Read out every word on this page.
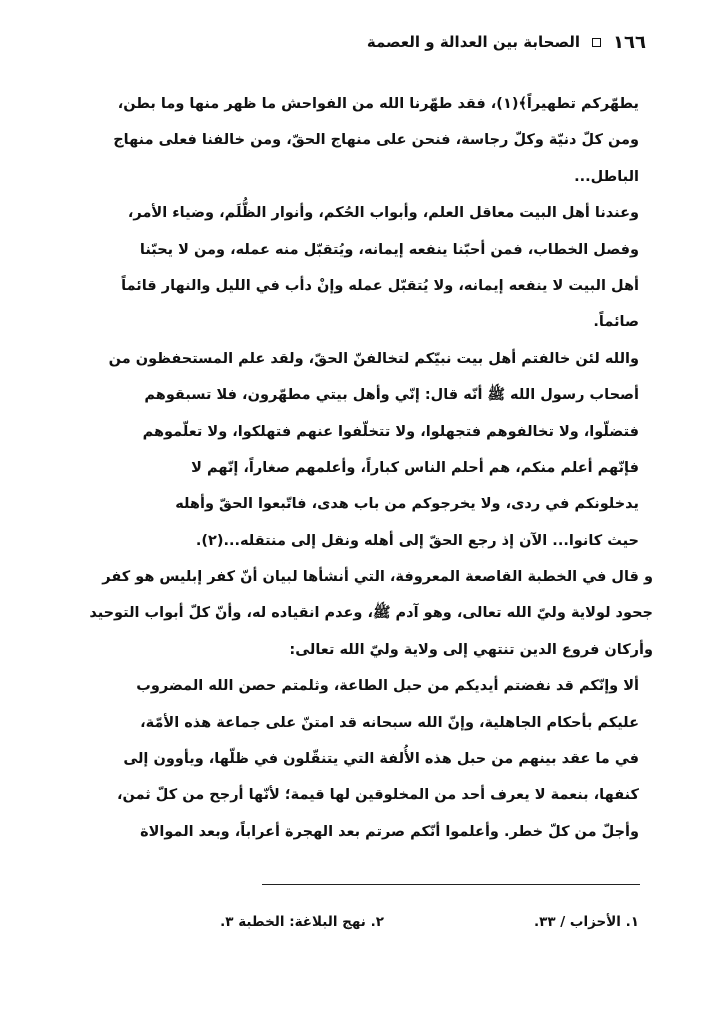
١٦٦
الصحابة بين العدالة و العصمة
يطهّركم تطهيراً﴾(١)، فقد طهّرنا الله من الفواحش ما ظهر منها وما بطن،
ومن كلّ دنيّة وكلّ رجاسة، فنحن على منهاج الحقّ، ومن خالفنا فعلى منهاج
الباطل...
وعندنا أهل البيت معاقل العلم، وأبواب الحُكم، وأنوار الظُّلَم، وضياء الأمر،
وفصل الخطاب، فمن أحبّنا ينفعه إيمانه، ويُتقبّل منه عمله، ومن لا يحبّنا
أهل البيت لا ينفعه إيمانه، ولا يُتقبّل عمله وإنْ دأب في الليل والنهار قائماً
صائماً.
والله لئن خالفتم أهل بيت نبيّكم لتخالفنّ الحقّ، ولقد علم المستحفظون من
أصحاب رسول الله ﷺ أنّه قال: إنّي وأهل بيتي مطهّرون، فلا تسبقوهم
فتضلّوا، ولا تخالفوهم فتجهلوا، ولا تتخلّفوا عنهم فتهلكوا، ولا تعلّموهم
فإنّهم أعلم منكم، هم أحلم الناس كباراً، وأعلمهم صغاراً، إنّهم لا
يدخلونكم في ردى، ولا يخرجوكم من باب هدى، فاتّبعوا الحقّ وأهله
حيث كانوا... الآن إذ رجع الحقّ إلى أهله ونقل إلى منتقله...(٢).
و قال في الخطبة القاصعة المعروفة، التي أنشأها لبيان أنّ كفر إبليس هو كفر
جحود لولاية وليّ الله تعالى، وهو آدم ﷺ، وعدم انقياده له، وأنّ كلّ أبواب التوحيد
وأركان فروع الدين تنتهي إلى ولاية وليّ الله تعالى:
ألا وإنّكم قد نفضتم أيديكم من حبل الطاعة، وثلمتم حصن الله المضروب
عليكم بأحكام الجاهلية، وإنّ الله سبحانه قد امتنّ على جماعة هذه الأمّة،
في ما عقد بينهم من حبل هذه الأُلفة التي يتنقّلون في ظلّها، ويأوون إلى
كنفها، بنعمة لا يعرف أحد من المخلوقين لها قيمة؛ لأنّها أرجح من كلّ ثمن،
وأجلّ من كلّ خطر. وأعلموا أنّكم صرتم بعد الهجرة أعراباً، وبعد الموالاة
١. الأحزاب / ٣٣.
٢. نهج البلاغة: الخطبة ٣.
